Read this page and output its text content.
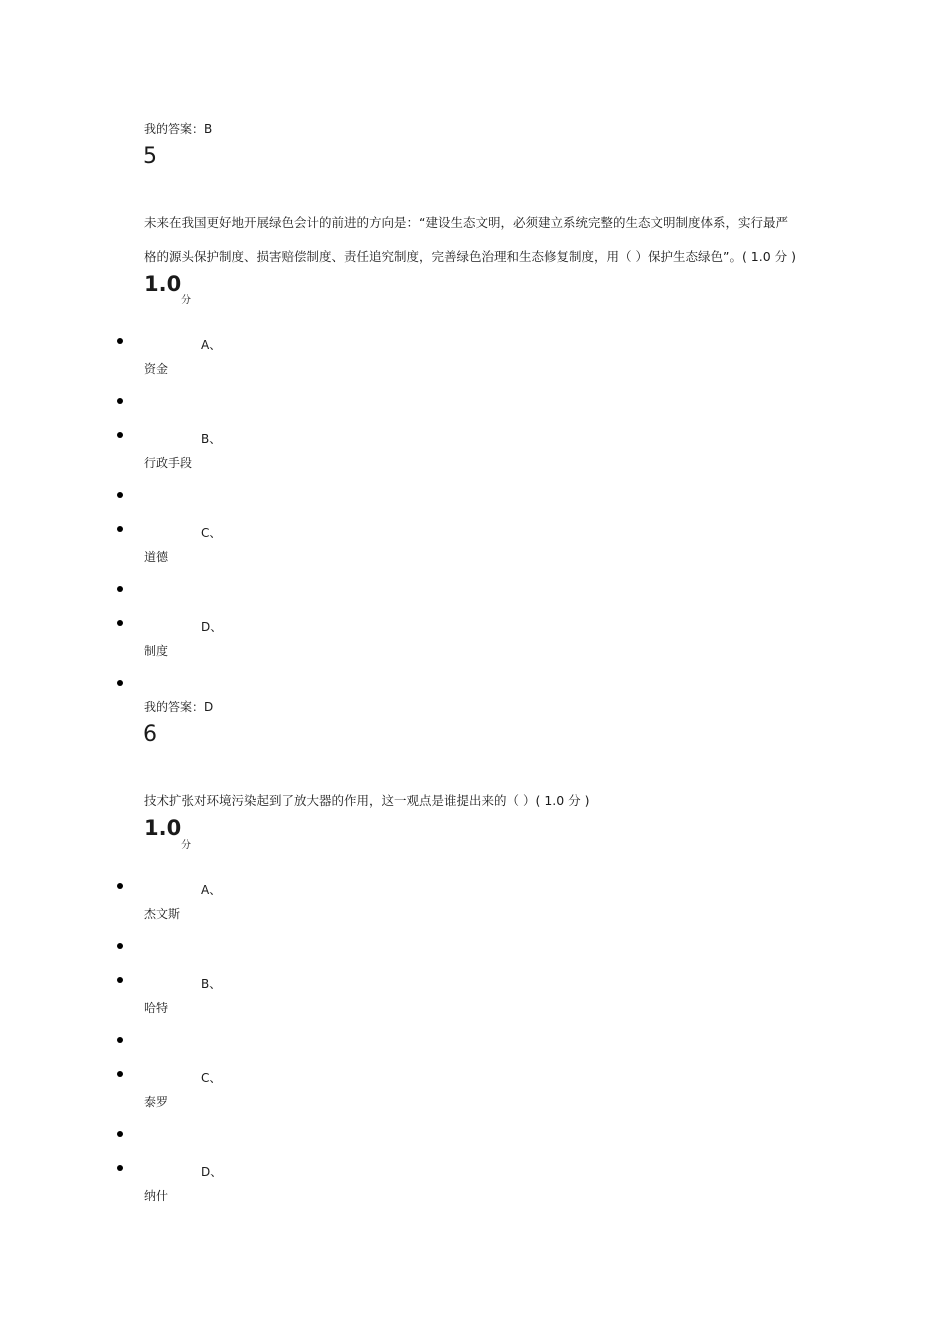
我的答案：B
5
未来在我国更好地开展绿色会计的前进的方向是：“建设生态文明，必须建立系统完整的生态文明制度体系，实行最严
格的源头保护制度、损害赔偿制度、责任追究制度，完善绿色治理和生态修复制度，用（ ）保护生态绿色”。( 1.0 分 )
1.0
分
A、
资金
B、
行政手段
C、
道德
D、
制度
我的答案：D
6
技术扩张对环境污染起到了放大器的作用，这一观点是谁提出来的（ ）( 1.0 分 )
1.0
分
A、
杰文斯
B、
哈特
C、
泰罗
D、
纳什
